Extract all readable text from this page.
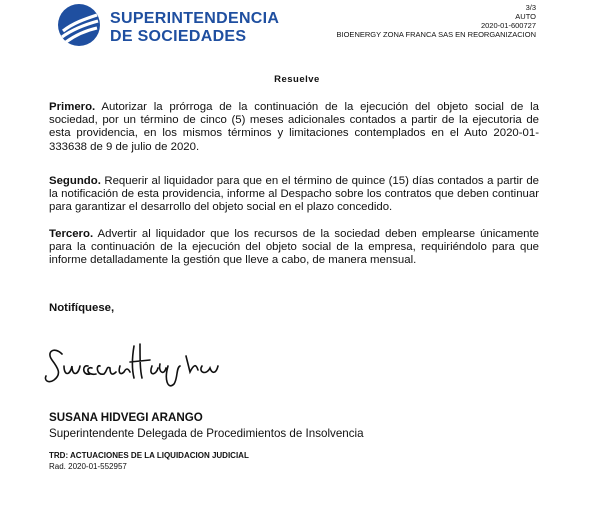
SUPERINTENDENCIA
DE SOCIEDADES
3/3
AUTO
2020-01-600727
BIOENERGY ZONA FRANCA SAS EN REORGANIZACION
Resuelve
Primero. Autorizar la prórroga de la continuación de la ejecución del objeto social de la sociedad, por un término de cinco (5) meses adicionales contados a partir de la ejecutoria de esta providencia, en los mismos términos y limitaciones contemplados en el Auto 2020-01-333638 de 9 de julio de 2020.
Segundo. Requerir al liquidador para que en el término de quince (15) días contados a partir de la notificación de esta providencia, informe al Despacho sobre los contratos que deben continuar para garantizar el desarrollo del objeto social en el plazo concedido.
Tercero. Advertir al liquidador que los recursos de la sociedad deben emplearse únicamente para la continuación de la ejecución del objeto social de la empresa, requiriéndolo para que informe detalladamente la gestión que lleve a cabo, de manera mensual.
Notifíquese,
SUSANA HIDVEGI ARANGO
Superintendente Delegada de Procedimientos de Insolvencia
TRD: ACTUACIONES DE LA LIQUIDACION JUDICIAL
Rad. 2020-01-552957
